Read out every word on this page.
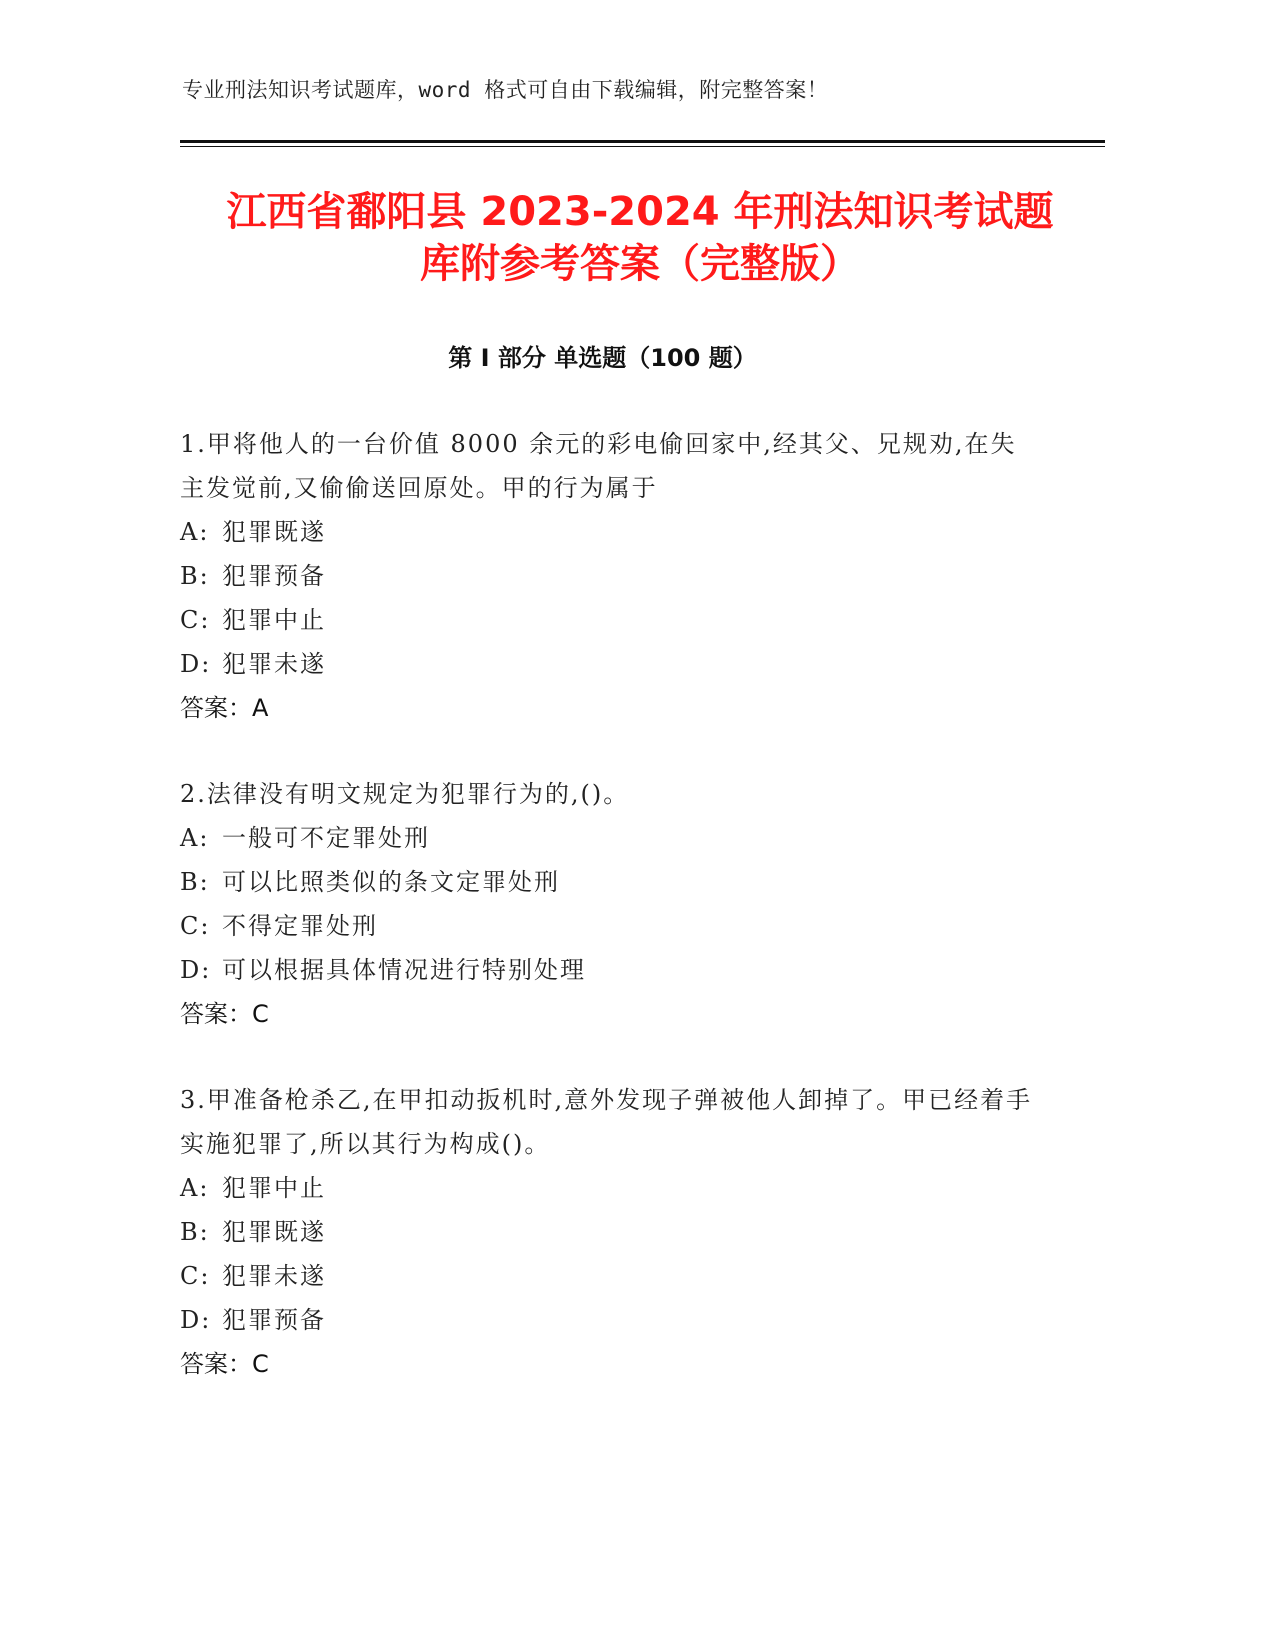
专业刑法知识考试题库，word 格式可自由下载编辑，附完整答案！
江西省鄱阳县 2023-2024 年刑法知识考试题
库附参考答案（完整版）
第 I 部分 单选题（100 题）

1.甲将他人的一台价值 8000 余元的彩电偷回家中,经其父、兄规劝,在失主发觉前,又偷偷送回原处。甲的行为属于

A: 犯罪既遂

B: 犯罪预备

C: 犯罪中止

D: 犯罪未遂

答案：A

2.法律没有明文规定为犯罪行为的,()。

A: 一般可不定罪处刑

B: 可以比照类似的条文定罪处刑

C: 不得定罪处刑

D: 可以根据具体情况进行特别处理

答案：C

3.甲准备枪杀乙,在甲扣动扳机时,意外发现子弹被他人卸掉了。甲已经着手实施犯罪了,所以其行为构成()。

A: 犯罪中止

B: 犯罪既遂

C: 犯罪未遂

D: 犯罪预备

答案：C
